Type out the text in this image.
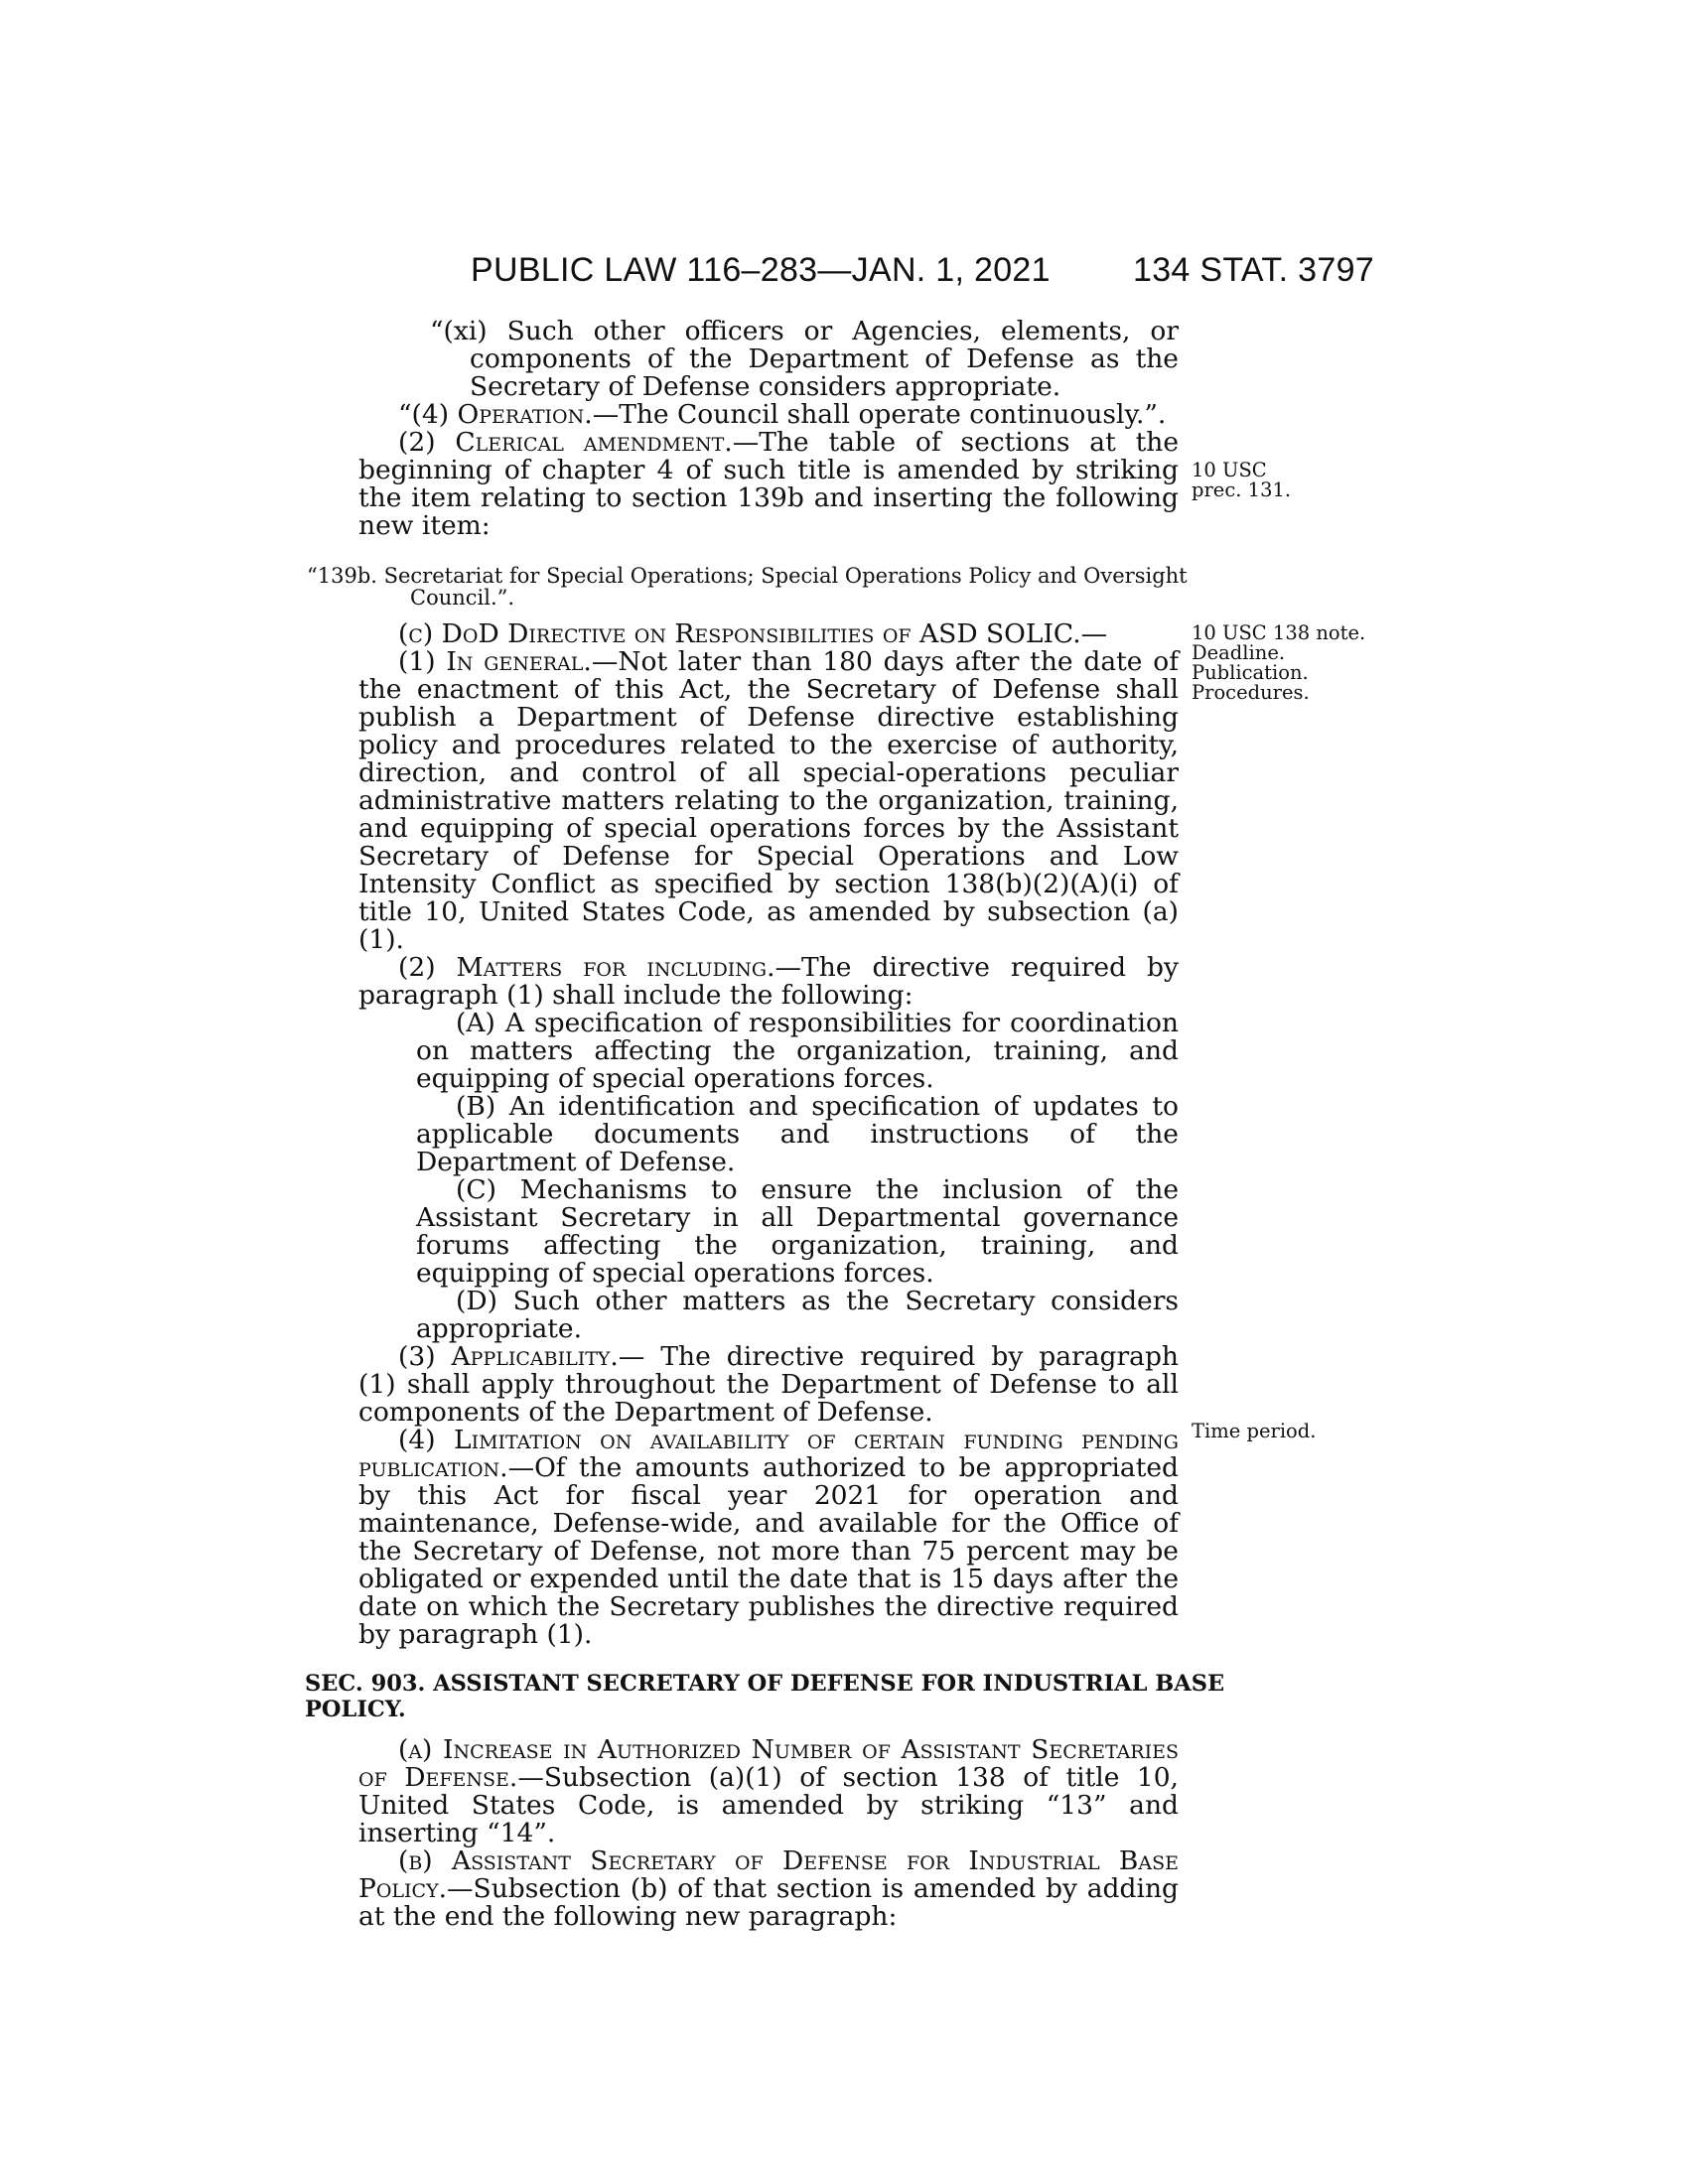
PUBLIC LAW 116–283—JAN. 1, 2021 134 STAT. 3797
10 USC
prec. 131.
10 USC 138 note.
Deadline.
Publication.
Procedures.
Time period.

“(xi) Such other officers or Agencies, elements, or components of the Department of Defense as the Secretary of Defense considers appropriate.

“(4) Operation.—The Council shall operate continuously.”.

(2) Clerical amendment.—The table of sections at the beginning of chapter 4 of such title is amended by striking the item relating to section 139b and inserting the following new item:

“139b. Secretariat for Special Operations; Special Operations Policy and Oversight
Council.”.

(c) DoD Directive on Responsibilities of ASD SOLIC.—

(1) In general.—Not later than 180 days after the date of the enactment of this Act, the Secretary of Defense shall publish a Department of Defense directive establishing policy and procedures related to the exercise of authority, direction, and control of all special-operations peculiar administrative matters relating to the organization, training, and equipping of special operations forces by the Assistant Secretary of Defense for Special Operations and Low Intensity Conflict as specified by section 138(b)(2)(A)(i) of title 10, United States Code, as amended by subsection (a)(1).

(2) Matters for including.—The directive required by paragraph (1) shall include the following:

(A) A specification of responsibilities for coordination on matters affecting the organization, training, and equipping of special operations forces.

(B) An identification and specification of updates to applicable documents and instructions of the Department of Defense.

(C) Mechanisms to ensure the inclusion of the Assistant Secretary in all Departmental governance forums affecting the organization, training, and equipping of special operations forces.

(D) Such other matters as the Secretary considers appropriate.

(3) Applicability.— The directive required by paragraph (1) shall apply throughout the Department of Defense to all components of the Department of Defense.

(4) Limitation on availability of certain funding pending publication.—Of the amounts authorized to be appropriated by this Act for fiscal year 2021 for operation and maintenance, Defense-wide, and available for the Office of the Secretary of Defense, not more than 75 percent may be obligated or expended until the date that is 15 days after the date on which the Secretary publishes the directive required by paragraph (1).

SEC. 903. ASSISTANT SECRETARY OF DEFENSE FOR INDUSTRIAL BASE
POLICY.

(a) Increase in Authorized Number of Assistant Secretaries of Defense.—Subsection (a)(1) of section 138 of title 10, United States Code, is amended by striking “13” and inserting “14”.

(b) Assistant Secretary of Defense for Industrial Base Policy.—Subsection (b) of that section is amended by adding at the end the following new paragraph:
